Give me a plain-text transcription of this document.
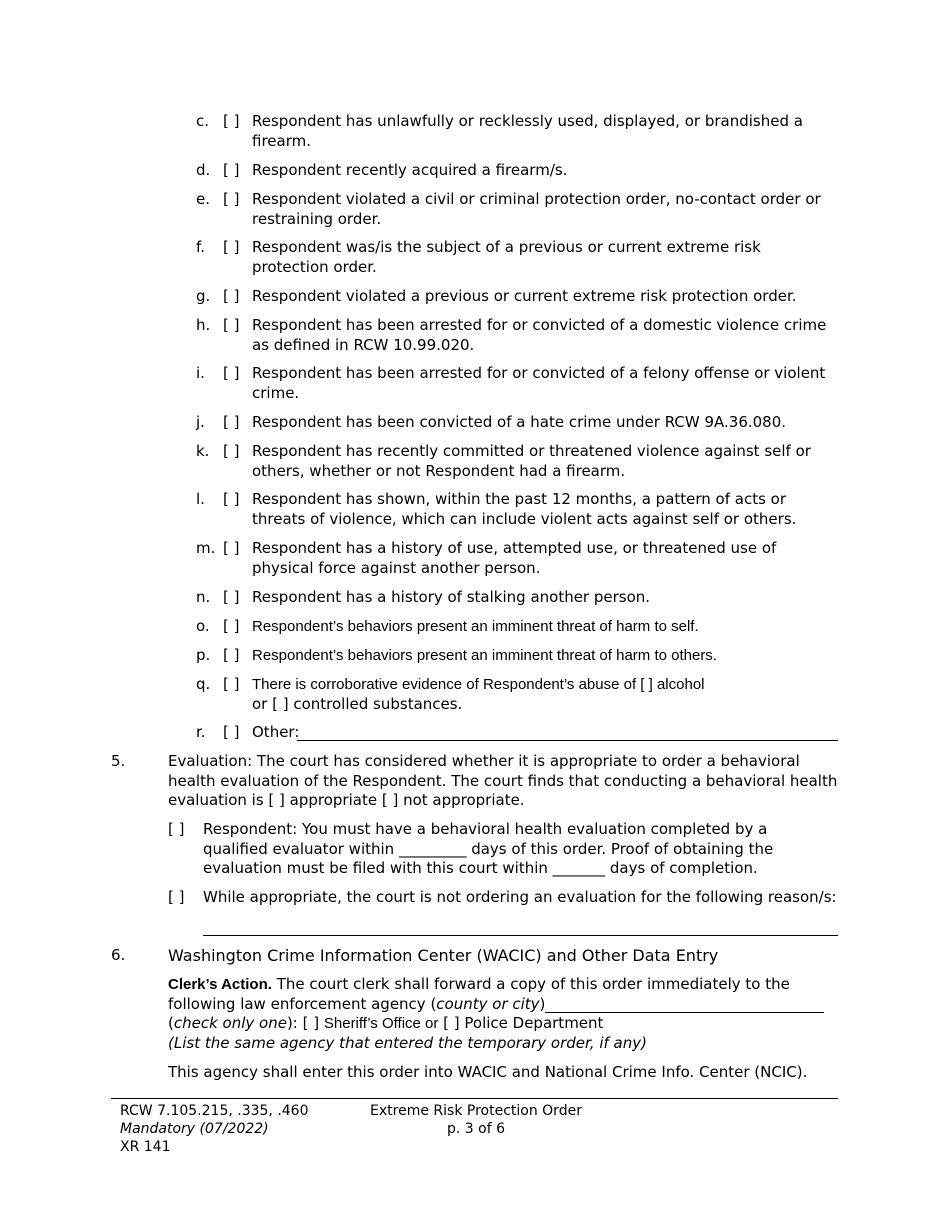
c. [ ] Respondent has unlawfully or recklessly used, displayed, or brandished a firearm.
d. [ ] Respondent recently acquired a firearm/s.
e. [ ] Respondent violated a civil or criminal protection order, no-contact order or restraining order.
f. [ ] Respondent was/is the subject of a previous or current extreme risk protection order.
g. [ ] Respondent violated a previous or current extreme risk protection order.
h. [ ] Respondent has been arrested for or convicted of a domestic violence crime as defined in RCW 10.99.020.
i. [ ] Respondent has been arrested for or convicted of a felony offense or violent crime.
j. [ ] Respondent has been convicted of a hate crime under RCW 9A.36.080.
k. [ ] Respondent has recently committed or threatened violence against self or others, whether or not Respondent had a firearm.
l. [ ] Respondent has shown, within the past 12 months, a pattern of acts or threats of violence, which can include violent acts against self or others.
m. [ ] Respondent has a history of use, attempted use, or threatened use of physical force against another person.
n. [ ] Respondent has a history of stalking another person.
o. [ ] Respondent’s behaviors present an imminent threat of harm to self.
p. [ ] Respondent’s behaviors present an imminent threat of harm to others.
q. [ ] There is corroborative evidence of Respondent’s abuse of [ ] alcohol
or [ ] controlled substances.
r. [ ] Other:
5.	Evaluation: The court has considered whether it is appropriate to order a behavioral health evaluation of the Respondent. The court finds that conducting a behavioral health evaluation is [ ] appropriate [ ] not appropriate.
[ ] Respondent: You must have a behavioral health evaluation completed by a qualified evaluator within _________ days of this order. Proof of obtaining the evaluation must be filed with this court within _______ days of completion.
[ ] While appropriate, the court is not ordering an evaluation for the following reason/s:
6.	Washington Crime Information Center (WACIC) and Other Data Entry
Clerk’s Action. The court clerk shall forward a copy of this order immediately to the
following law enforcement agency (county or city)
(check only one): [ ] Sheriff’s Office or [ ] Police Department
(List the same agency that entered the temporary order, if any)
This agency shall enter this order into WACIC and National Crime Info. Center (NCIC).
RCW 7.105.215, .335, .460
Mandatory (07/2022)
XR 141
Extreme Risk Protection Order
p. 3 of 6
